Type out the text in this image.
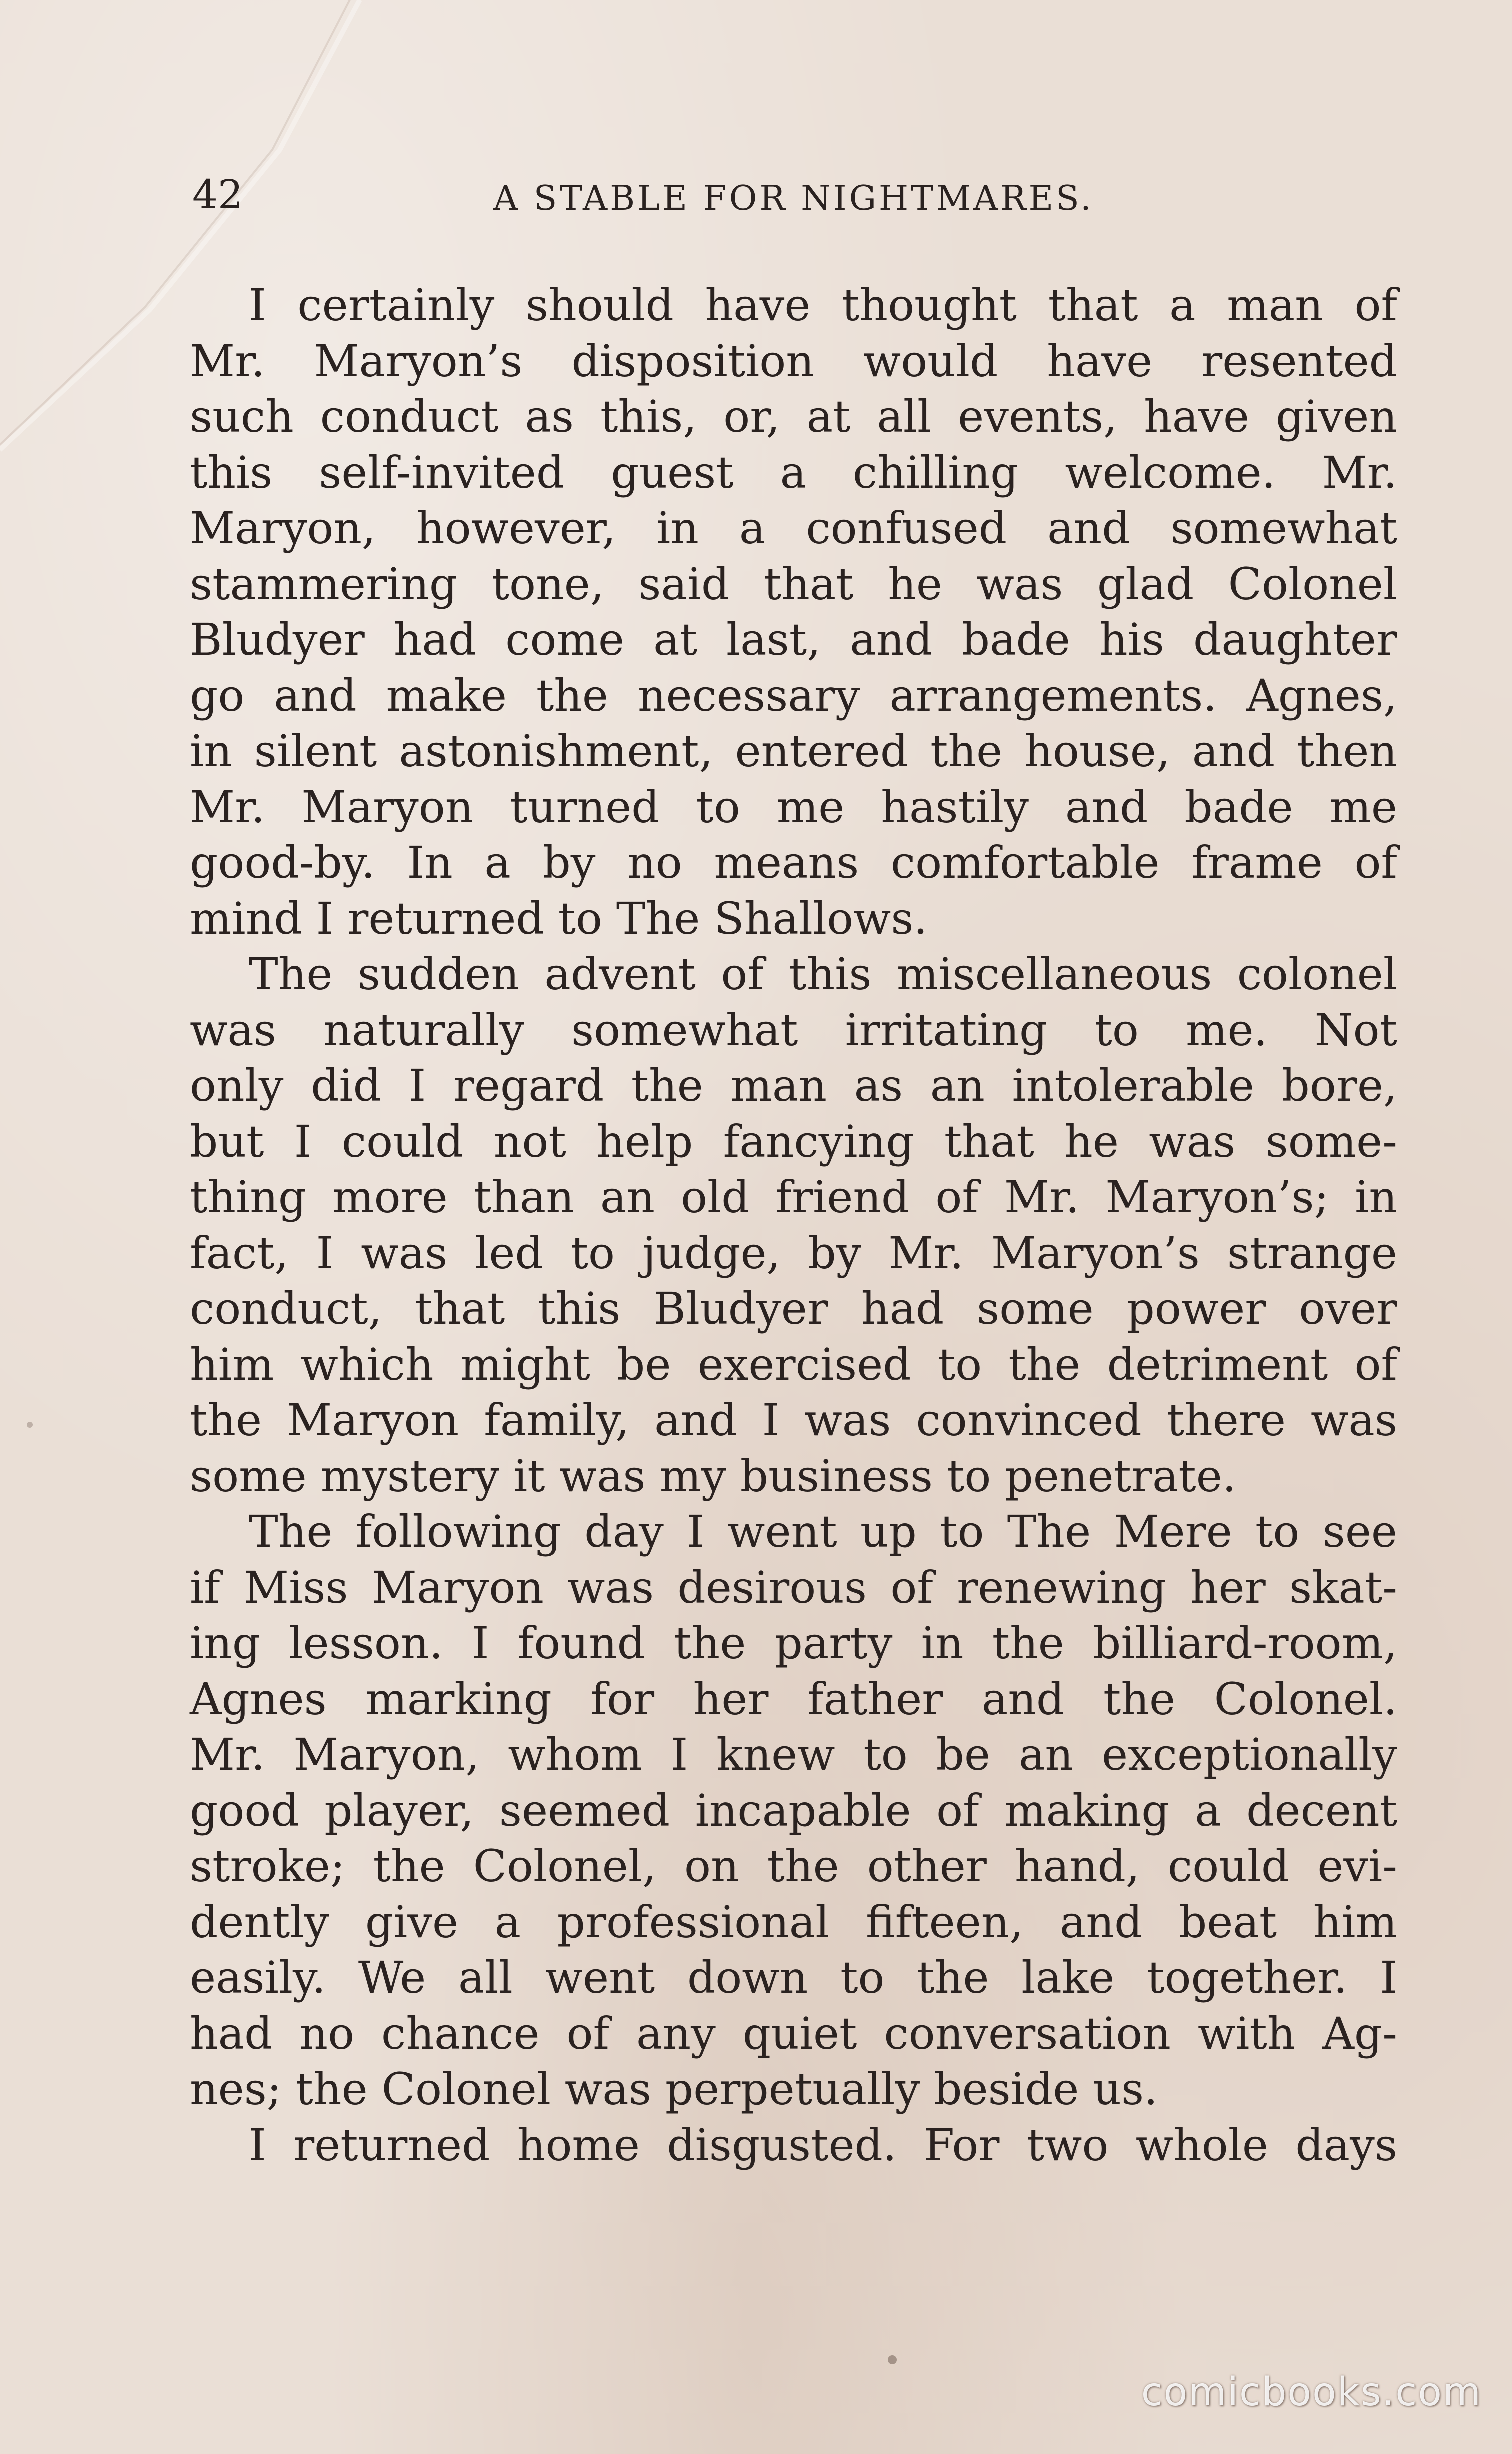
42	A STABLE FOR NIGHTMARES.
I certainly should have thought that a man of
Mr. Maryon’s disposition would have resented
such conduct as this, or, at all events, have given
this self-invited guest a chilling welcome. Mr.
Maryon, however, in a confused and somewhat
stammering tone, said that he was glad Colonel
Bludyer had come at last, and bade his daughter
go and make the necessary arrangements. Agnes,
in silent astonishment, entered the house, and then
Mr. Maryon turned to me hastily and bade me
good-by. In a by no means comfortable frame of
mind I returned to The Shallows.
The sudden advent of this miscellaneous colonel
was naturally somewhat irritating to me. Not
only did I regard the man as an intolerable bore,
but I could not help fancying that he was some-
thing more than an old friend of Mr. Maryon’s; in
fact, I was led to judge, by Mr. Maryon’s strange
conduct, that this Bludyer had some power over
him which might be exercised to the detriment of
the Maryon family, and I was convinced there was
some mystery it was my business to penetrate.
The following day I went up to The Mere to see
if Miss Maryon was desirous of renewing her skat-
ing lesson. I found the party in the billiard-room,
Agnes marking for her father and the Colonel.
Mr. Maryon, whom I knew to be an exceptionally
good player, seemed incapable of making a decent
stroke; the Colonel, on the other hand, could evi-
dently give a professional fifteen, and beat him
easily. We all went down to the lake together. I
had no chance of any quiet conversation with Ag-
nes; the Colonel was perpetually beside us.
I returned home disgusted. For two whole days
comicbooks.com
